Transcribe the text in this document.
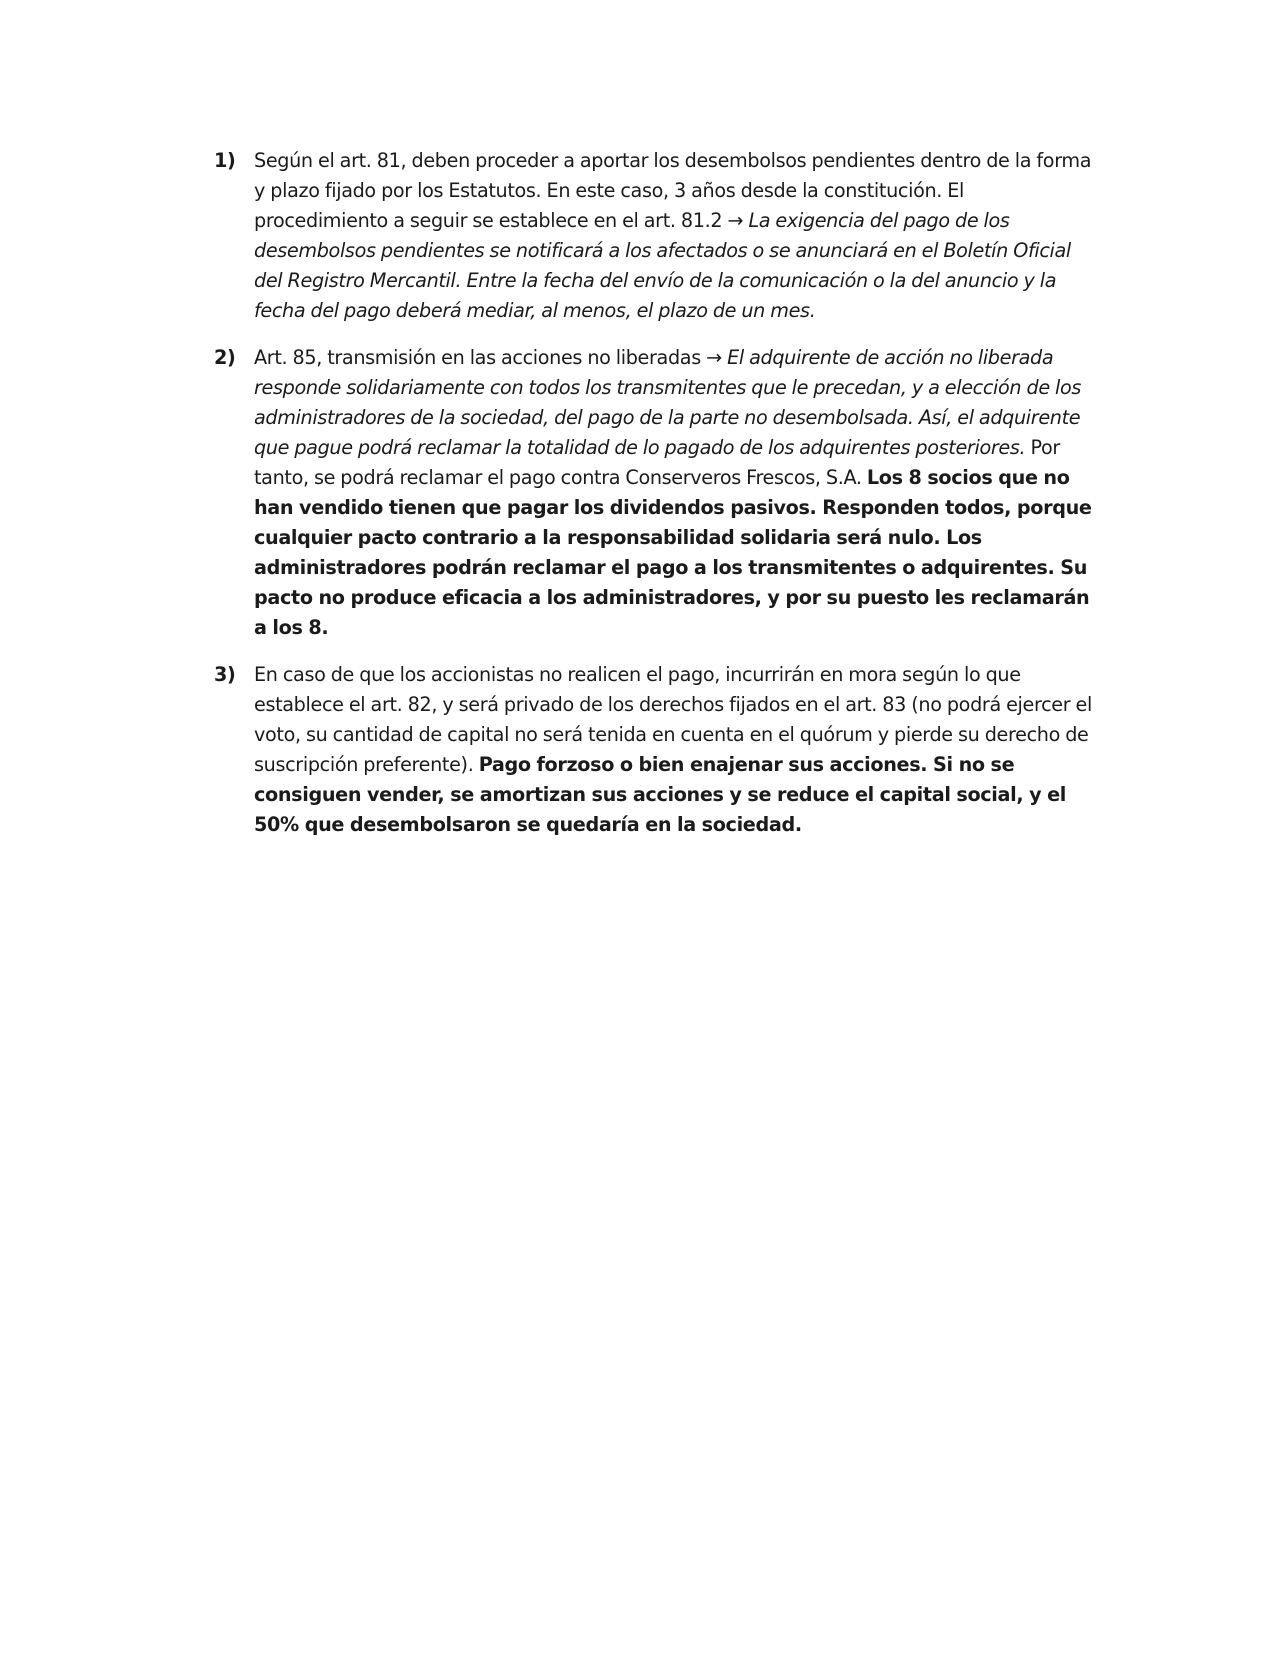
1) Según el art. 81, deben proceder a aportar los desembolsos pendientes dentro de la forma y plazo fijado por los Estatutos. En este caso, 3 años desde la constitución. El procedimiento a seguir se establece en el art. 81.2 → La exigencia del pago de los desembolsos pendientes se notificará a los afectados o se anunciará en el Boletín Oficial del Registro Mercantil. Entre la fecha del envío de la comunicación o la del anuncio y la fecha del pago deberá mediar, al menos, el plazo de un mes.
2) Art. 85, transmisión en las acciones no liberadas → El adquirente de acción no liberada responde solidariamente con todos los transmitentes que le precedan, y a elección de los administradores de la sociedad, del pago de la parte no desembolsada. Así, el adquirente que pague podrá reclamar la totalidad de lo pagado de los adquirentes posteriores. Por tanto, se podrá reclamar el pago contra Conserveros Frescos, S.A. Los 8 socios que no han vendido tienen que pagar los dividendos pasivos. Responden todos, porque cualquier pacto contrario a la responsabilidad solidaria será nulo. Los administradores podrán reclamar el pago a los transmitentes o adquirentes. Su pacto no produce eficacia a los administradores, y por su puesto les reclamarán a los 8.
3) En caso de que los accionistas no realicen el pago, incurrirán en mora según lo que establece el art. 82, y será privado de los derechos fijados en el art. 83 (no podrá ejercer el voto, su cantidad de capital no será tenida en cuenta en el quórum y pierde su derecho de suscripción preferente). Pago forzoso o bien enajenar sus acciones. Si no se consiguen vender, se amortizan sus acciones y se reduce el capital social, y el 50% que desembolsaron se quedaría en la sociedad.
